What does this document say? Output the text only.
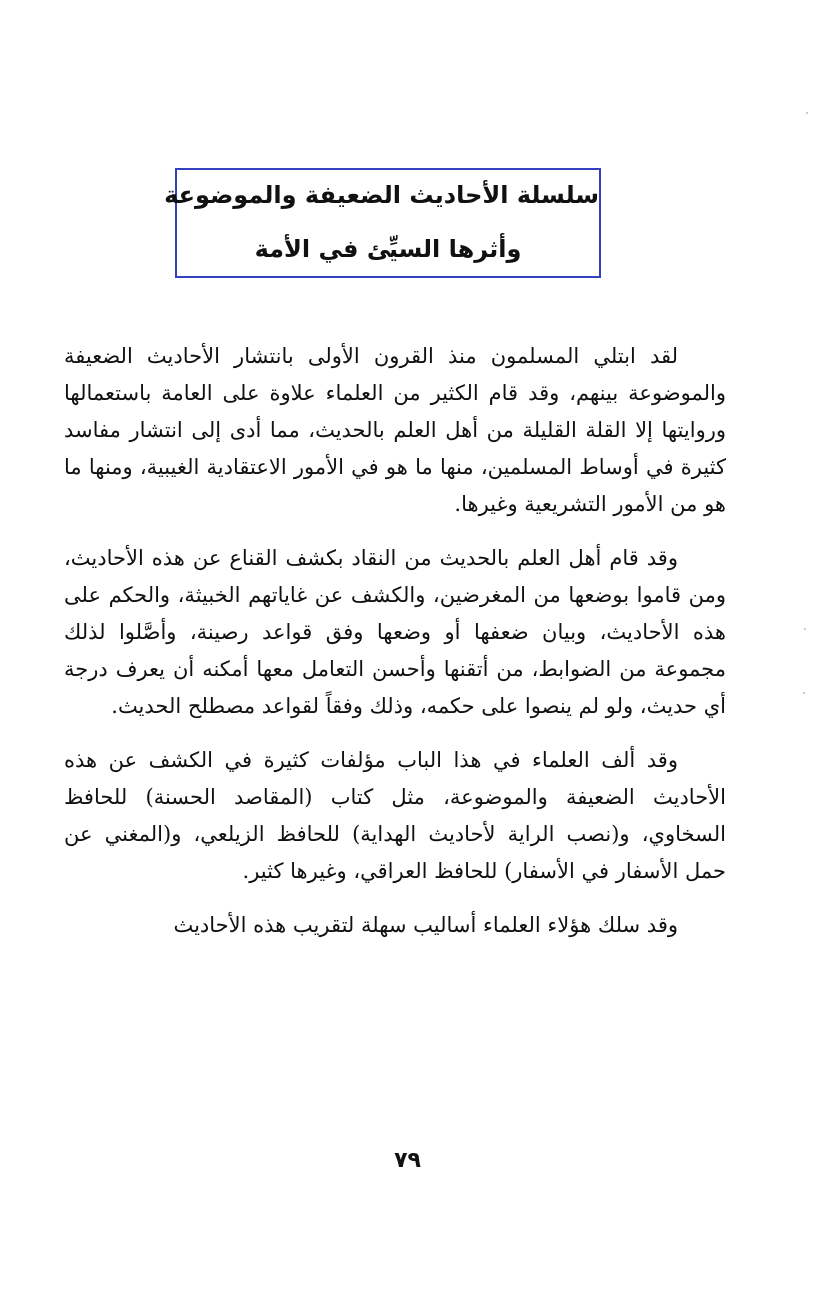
سلسلة الأحاديث الضعيفة والموضوعة
وأثرها السيِّئ في الأمة

لقد ابتلي المسلمون منذ القرون الأولى بانتشار الأحاديث الضعيفة والموضوعة بينهم، وقد قام الكثير من العلماء علاوة على العامة باستعمالها وروايتها إلا القلة القليلة من أهل العلم بالحديث، مما أدى إلى انتشار مفاسد كثيرة في أوساط المسلمين، منها ما هو في الأمور الاعتقادية الغيبية، ومنها ما هو من الأمور التشريعية وغيرها.

وقد قام أهل العلم بالحديث من النقاد بكشف القناع عن هذه الأحاديث، ومن قاموا بوضعها من المغرضين، والكشف عن غاياتهم الخبيثة، والحكم على هذه الأحاديث، وبيان ضعفها أو وضعها وفق قواعد رصينة، وأصَّلوا لذلك مجموعة من الضوابط، من أتقنها وأحسن التعامل معها أمكنه أن يعرف درجة أي حديث، ولو لم ينصوا على حكمه، وذلك وفقاً لقواعد مصطلح الحديث.

وقد ألف العلماء في هذا الباب مؤلفات كثيرة في الكشف عن هذه الأحاديث الضعيفة والموضوعة، مثل كتاب (المقاصد الحسنة) للحافظ السخاوي، و(نصب الراية لأحاديث الهداية) للحافظ الزيلعي، و(المغني عن حمل الأسفار في الأسفار) للحافظ العراقي، وغيرها كثير.

وقد سلك هؤلاء العلماء أساليب سهلة لتقريب هذه الأحاديث

٧٩
